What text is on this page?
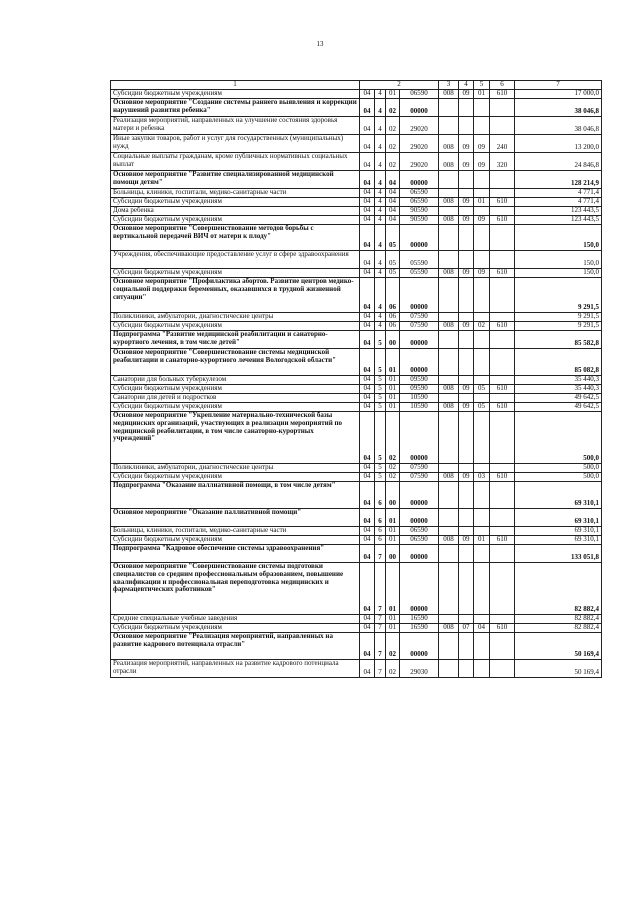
13
1	2				3	4	5	6	7
Субсидии бюджетным учреждениям	04	4	01	06590	008	09	01	610	17 000,0
Основное мероприятие "Создание системы раннего выявления и коррекции нарушений развития ребенка"	04	4	02	00000					38 046,8
Реализация мероприятий, направленных на улучшение состояния здоровья матери и ребенка	04	4	02	29020					38 046,8
Иные закупки товаров, работ и услуг для государственных (муниципальных) нужд	04	4	02	29020	008	09	09	240	13 200,0
Социальные выплаты гражданам, кроме публичных нормативных социальных выплат	04	4	02	29020	008	09	09	320	24 846,8
Основное мероприятие "Развитие специализированной медицинской помощи детям"	04	4	04	00000					128 214,9
Больницы, клиники, госпитали, медико-санитарные части	04	4	04	06590					4 771,4
Субсидии бюджетным учреждениям	04	4	04	06590	008	09	01	610	4 771,4
Дома ребенка	04	4	04	90590					123 443,5
Субсидии бюджетным учреждениям	04	4	04	90590	008	09	09	610	123 443,5
Основное мероприятие "Совершенствование методов борьбы с вертикальной передачей ВИЧ от матери к плоду"	04	4	05	00000					150,0
Учреждения, обеспечивающие предоставление услуг в сфере здравоохранения	04	4	05	05590					150,0
Субсидии бюджетным учреждениям	04	4	05	05590	008	09	09	610	150,0
Основное мероприятие "Профилактика абортов. Развитие центров медико-социальной поддержки беременных, оказавшихся в трудной жизненной ситуации"	04	4	06	00000					9 291,5
Поликлиники, амбулатории, диагностические центры	04	4	06	07590					9 291,5
Субсидии бюджетным учреждениям	04	4	06	07590	008	09	02	610	9 291,5
Подпрограмма "Развитие медицинской реабилитации и санаторно-курортного лечения, в том числе детей"	04	5	00	00000					85 582,8
Основное мероприятие "Совершенствование системы медицинской реабилитации и санаторно-курортного лечения Вологодской области"	04	5	01	00000					85 082,8
Санатории для больных туберкулезом	04	5	01	09590					35 440,3
Субсидии бюджетным учреждениям	04	5	01	09590	008	09	05	610	35 440,3
Санатории для детей и подростков	04	5	01	10590					49 642,5
Субсидии бюджетным учреждениям	04	5	01	10590	008	09	05	610	49 642,5
Основное мероприятие "Укрепление материально-технической базы медицинских организаций, участвующих в реализации мероприятий по медицинской реабилитации, в том числе санаторно-курортных учреждений"	04	5	02	00000					500,0
Поликлиники, амбулатории, диагностические центры	04	5	02	07590					500,0
Субсидии бюджетным учреждениям	04	5	02	07590	008	09	03	610	500,0
Подпрограмма "Оказание паллиативной помощи, в том числе детям"	04	6	00	00000					69 310,1
Основное мероприятие "Оказание паллиативной помощи"	04	6	01	00000					69 310,1
Больницы, клиники, госпитали, медико-санитарные части	04	6	01	06590					69 310,1
Субсидии бюджетным учреждениям	04	6	01	06590	008	09	01	610	69 310,1
Подпрограмма "Кадровое обеспечение системы здравоохранения"	04	7	00	00000					133 051,8
Основное мероприятие "Совершенствование системы подготовки специалистов со средним профессиональным образованием, повышение квалификации и профессиональная переподготовка медицинских и фармацевтических работников"	04	7	01	00000					82 882,4
Средние специальные учебные заведения	04	7	01	16590					82 882,4
Субсидии бюджетным учреждениям	04	7	01	16590	008	07	04	610	82 882,4
Основное мероприятие "Реализация мероприятий, направленных на развитие кадрового потенциала отрасли"	04	7	02	00000					50 169,4
Реализация мероприятий, направленных на развитие кадрового потенциала отрасли	04	7	02	29030					50 169,4
